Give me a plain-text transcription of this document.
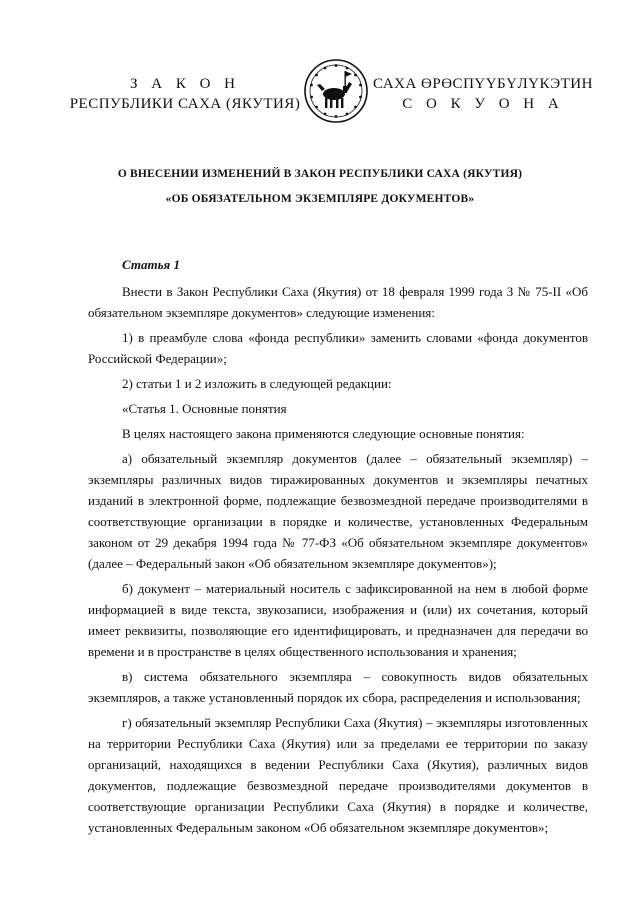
З А К О Н
РЕСПУБЛИКИ САХА (ЯКУТИЯ)
САХА ӨРӨСПҮҮБҮЛҮКЭТИН
С О К У О Н А
О ВНЕСЕНИИ ИЗМЕНЕНИЙ В ЗАКОН РЕСПУБЛИКИ САХА (ЯКУТИЯ)
«ОБ ОБЯЗАТЕЛЬНОМ ЭКЗЕМПЛЯРЕ ДОКУМЕНТОВ»

Статья 1

Внести в Закон Республики Саха (Якутия) от 18 февраля 1999 года З № 75-II «Об обязательном экземпляре документов» следующие изменения:

1) в преамбуле слова «фонда республики» заменить словами «фонда документов Российской Федерации»;

2) статьи 1 и 2 изложить в следующей редакции:

«Статья 1. Основные понятия

В целях настоящего закона применяются следующие основные понятия:

а) обязательный экземпляр документов (далее – обязательный экземпляр) – экземпляры различных видов тиражированных документов и экземпляры печатных изданий в электронной форме, подлежащие безвозмездной передаче производителями в соответствующие организации в порядке и количестве, установленных Федеральным законом от 29 декабря 1994 года № 77-ФЗ «Об обязательном экземпляре документов» (далее – Федеральный закон «Об обязательном экземпляре документов»);

б) документ – материальный носитель с зафиксированной на нем в любой форме информацией в виде текста, звукозаписи, изображения и (или) их сочетания, который имеет реквизиты, позволяющие его идентифицировать, и предназначен для передачи во времени и в пространстве в целях общественного использования и хранения;

в) система обязательного экземпляра – совокупность видов обязательных экземпляров, а также установленный порядок их сбора, распределения и использования;

г) обязательный экземпляр Республики Саха (Якутия) – экземпляры изготовленных на территории Республики Саха (Якутия) или за пределами ее территории по заказу организаций, находящихся в ведении Республики Саха (Якутия), различных видов документов, подлежащие безвозмездной передаче производителями документов в соответствующие организации Республики Саха (Якутия) в порядке и количестве, установленных Федеральным законом «Об обязательном экземпляре документов»;
